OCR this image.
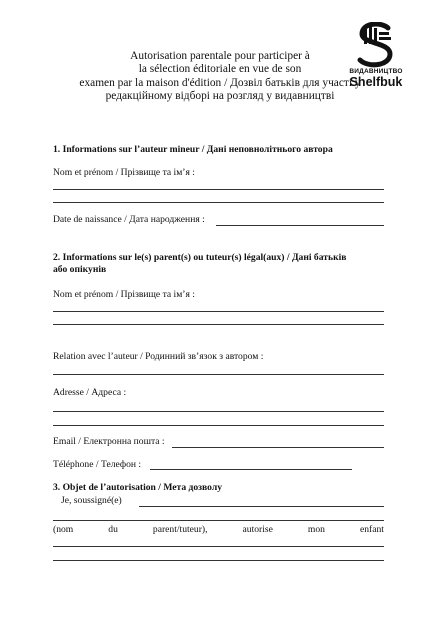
Autorisation parentale pour participer à
la sélection éditoriale en vue de son
examen par la maison d'édition / Дозвіл батьків для участі у
редакційному відборі на розгляд у видавництві
ВИДАВНИЦТВО
Shelfbuk
1. Informations sur l’auteur mineur / Дані неповнолітнього автора
Nom et prénom / Прізвище та ім’я :
Date de naissance / Дата народження :
2. Informations sur le(s) parent(s) ou tuteur(s) légal(aux) / Дані батьків
або опікунів
Nom et prénom / Прізвище та ім’я :
Relation avec l’auteur / Родинний зв’язок з автором :
Adresse / Адреса :
Email / Електронна пошта :
Téléphone / Телефон :
3. Objet de l’autorisation / Мета дозволу
Je, soussigné(e)
(nom	du	parent/tuteur),	autorise	mon	enfant
